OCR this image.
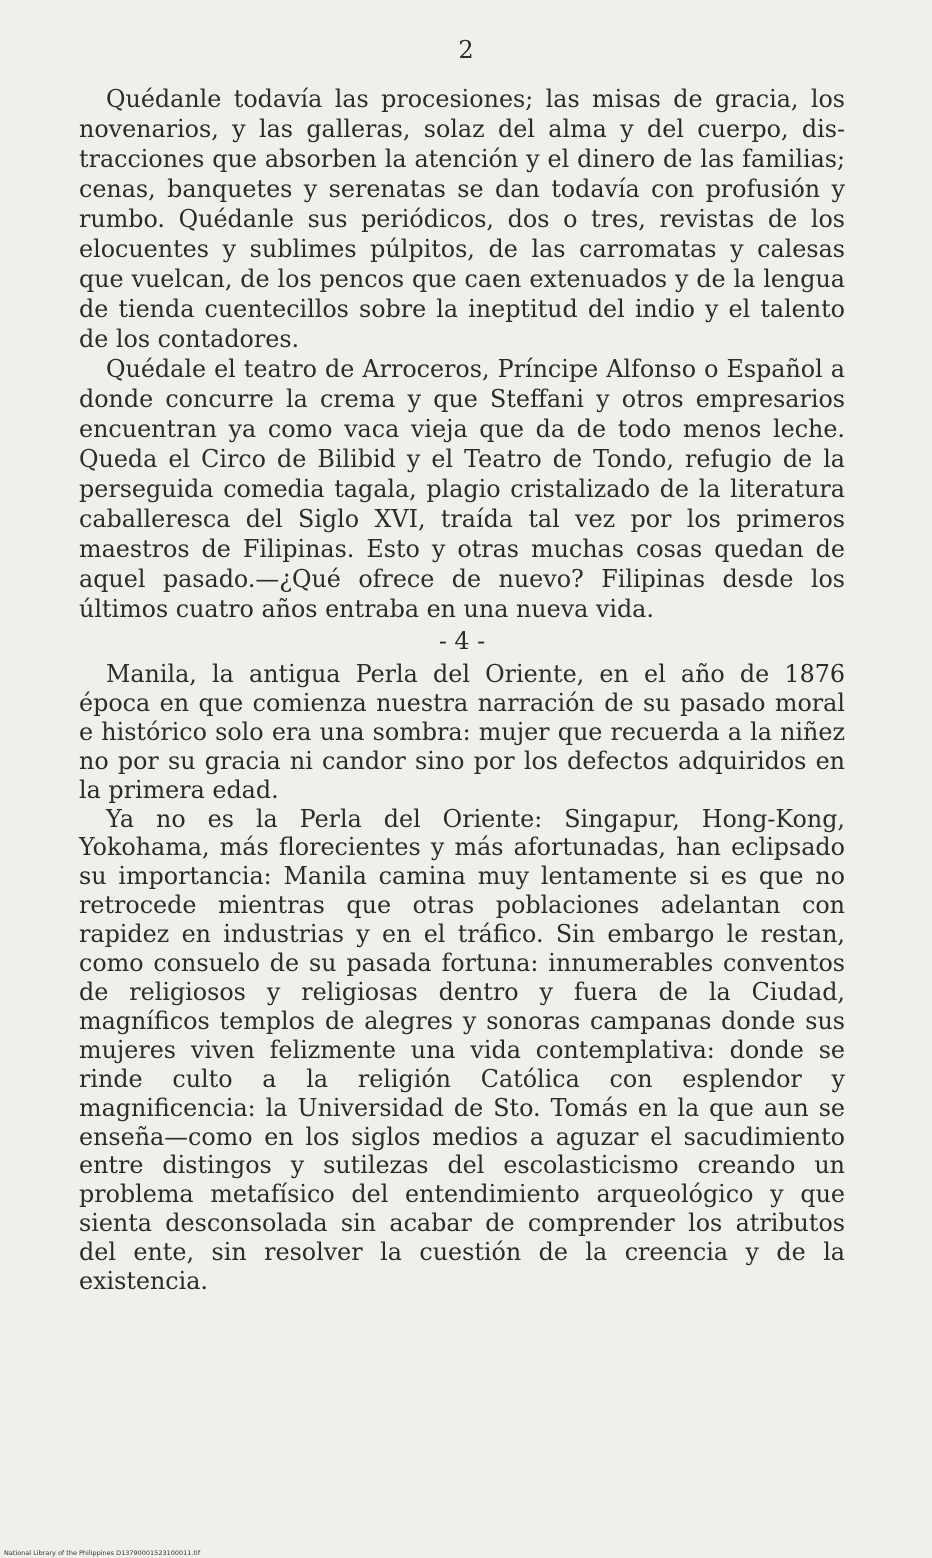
2

Quédanle todavía las procesiones; las misas de gracia, los novenarios, y las galleras, solaz del alma y del cuerpo, distracciones que absorben la atención y el dinero de las familias; cenas, banquetes y serenatas se dan todavía con profusión y rumbo. Quédanle sus periódicos, dos o tres, revistas de los elocuentes y sublimes púlpitos, de las carromatas y calesas que vuelcan, de los pencos que caen extenuados y de la lengua de tienda cuentecillos sobre la ineptitud del indio y el talento de los contadores.

Quédale el teatro de Arroceros, Príncipe Alfonso o Español a donde concurre la crema y que Steffani y otros empresarios encuentran ya como vaca vieja que da de todo menos leche. Queda el Circo de Bilibid y el Teatro de Tondo, refugio de la perseguida comedia tagala, plagio cristalizado de la literatura caballeresca del Siglo XVI, traída tal vez por los primeros maestros de Filipinas. Esto y otras muchas cosas quedan de aquel pasado.—¿Qué ofrece de nuevo? Filipinas desde los últimos cuatro años entraba en una nueva vida.

- 4 -

Manila, la antigua Perla del Oriente, en el año de 1876 época en que comienza nuestra narración de su pasado moral e histórico solo era una sombra: mujer que recuerda a la niñez no por su gracia ni candor sino por los defectos adquiridos en la primera edad.

Ya no es la Perla del Oriente: Singapur, Hong-Kong, Yokohama, más florecientes y más afortunadas, han eclipsado su importancia: Manila camina muy lentamente si es que no retrocede mientras que otras poblaciones adelantan con rapidez en industrias y en el tráfico. Sin embargo le restan, como consuelo de su pasada fortuna: innumerables conventos de religiosos y religiosas dentro y fuera de la Ciudad, magníficos templos de alegres y sonoras campanas donde sus mujeres viven felizmente una vida contemplativa: donde se rinde culto a la religión Católica con esplendor y magnificencia: la Universidad de Sto. Tomás en la que aun se enseña—como en los siglos medios a aguzar el sacudimiento entre distingos y sutilezas del escolasticismo creando un problema metafísico del entendimiento arqueológico y que sienta desconsolada sin acabar de comprender los atributos del ente, sin resolver la cuestión de la creencia y de la existencia.

National Library of the Philippines D13790001523100011.tif
